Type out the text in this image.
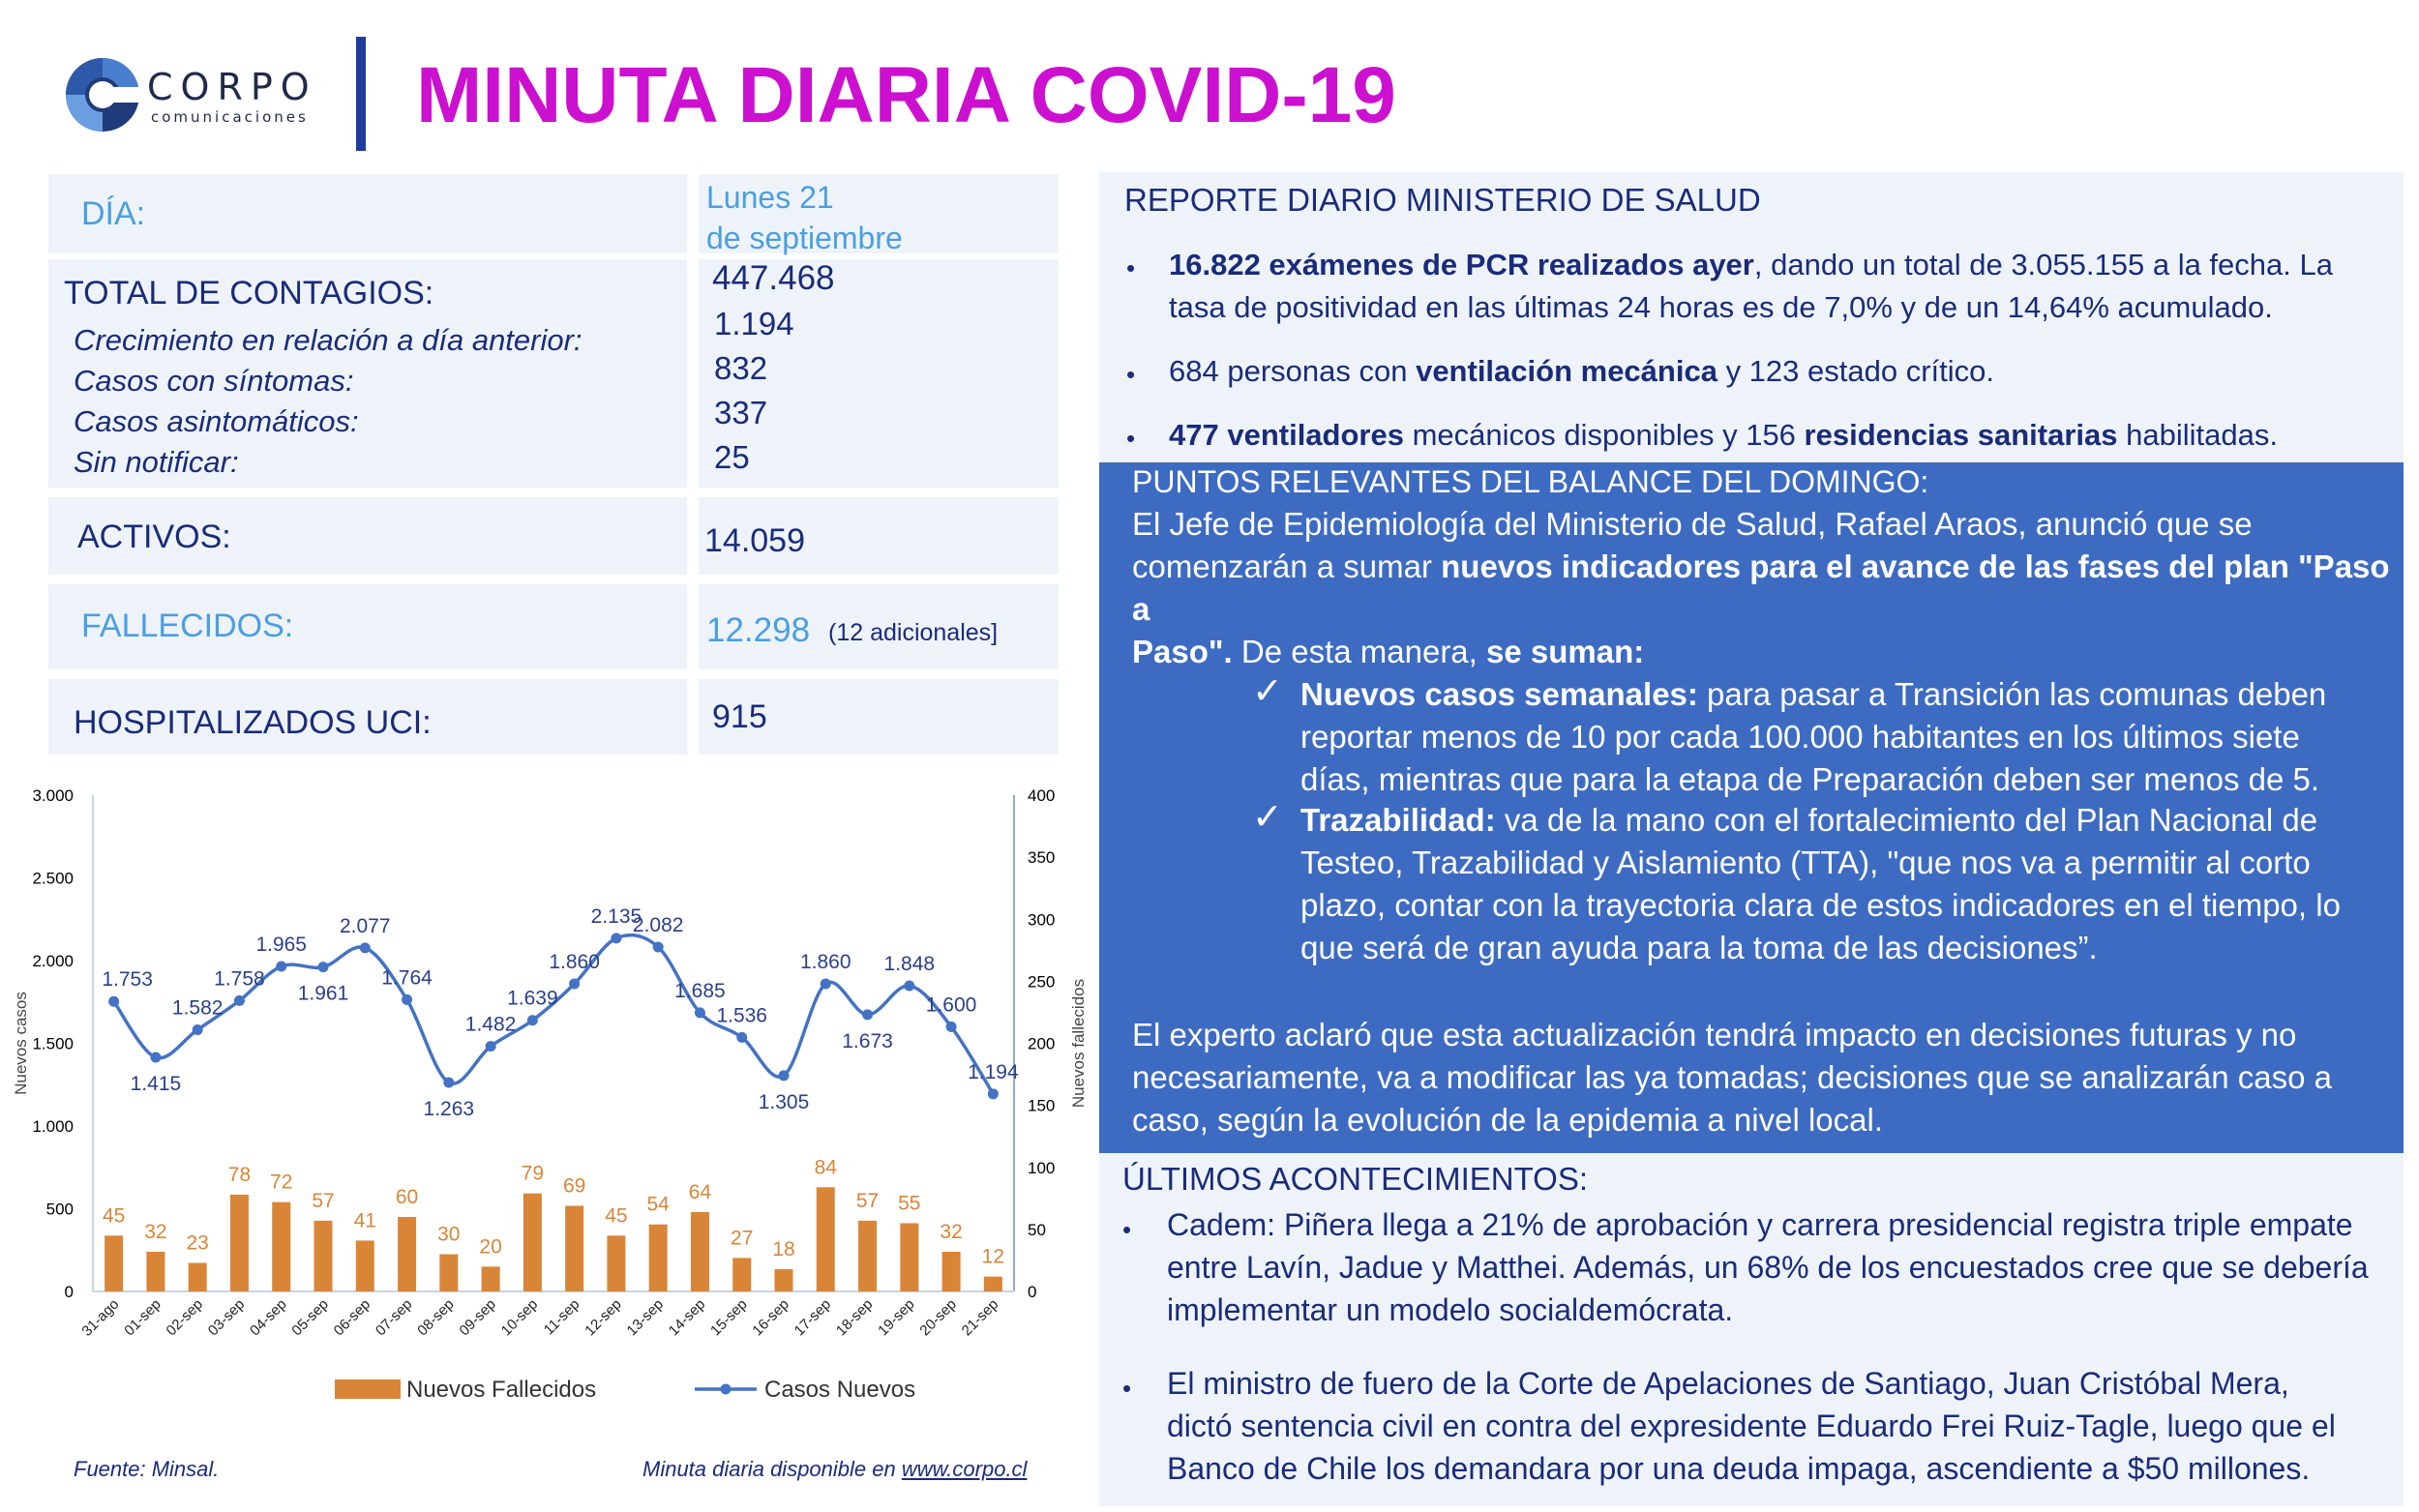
CORPO
comunicaciones MINUTA DIARIA COVID-19
DÍA:	Lunes 21
de septiembre
TOTAL DE CONTAGIOS:	447.468
Crecimiento en relación a día anterior:	1.194
Casos con síntomas:	832
Casos asintomáticos:	337
Sin notificar:	25
ACTIVOS:	14.059
FALLECIDOS:	12.298 (12 adicionales]
HOSPITALIZADOS UCI:	915
0
500
1.000
1.500
2.000
2.500
3.000
0
50
100
150
200
250
300
350
400
Nuevos casos	Nuevos fallecidos
45
32
23
78 72
57
41
60
30
20
79
69
45
54
64
27
18
84
57 55
32
12
31-ago
01-sep
02-sep
03-sep
04-sep
05-sep
06-sep
07-sep
08-sep
09-sep
10-sep 11-sep
12-sep
13-sep
14-sep
15-sep
16-sep
17-sep
18-sep
19-sep
20-sep
21-sep
1.753
1.415
1.582
1.758
1.965
1.961
2.077
1.764
1.263
1.482
1.639
1.860
2.135
2.082
1.685
1.536
1.305
1.860
1.673
1.848
1.600
1.194
Nuevos Fallecidos	Casos Nuevos
Fuente: Minsal.	Minuta diaria disponible en www.corpo.cl
REPORTE DIARIO MINISTERIO DE SALUD
• 16.822 exámenes de PCR realizados ayer, dando un total de 3.055.155 a la fecha. La
tasa de positividad en las últimas 24 horas es de 7,0% y de un 14,64% acumulado.
• 684 personas con ventilación mecánica y 123 estado crítico.
• 477 ventiladores mecánicos disponibles y 156 residencias sanitarias habilitadas.
PUNTOS RELEVANTES DEL BALANCE DEL DOMINGO:
El Jefe de Epidemiología del Ministerio de Salud, Rafael Araos, anunció que se
comenzarán a sumar nuevos indicadores para el avance de las fases del plan "Paso a
Paso". De esta manera, se suman:
✓ Nuevos casos semanales: para pasar a Transición las comunas deben
reportar menos de 10 por cada 100.000 habitantes en los últimos siete
días, mientras que para la etapa de Preparación deben ser menos de 5.
✓ Trazabilidad: va de la mano con el fortalecimiento del Plan Nacional de
Testeo, Trazabilidad y Aislamiento (TTA), "que nos va a permitir al corto
plazo, contar con la trayectoria clara de estos indicadores en el tiempo, lo
que será de gran ayuda para la toma de las decisiones”.
El experto aclaró que esta actualización tendrá impacto en decisiones futuras y no
necesariamente, va a modificar las ya tomadas; decisiones que se analizarán caso a
caso, según la evolución de la epidemia a nivel local.
ÚLTIMOS ACONTECIMIENTOS:
• Cadem: Piñera llega a 21% de aprobación y carrera presidencial registra triple empate
entre Lavín, Jadue y Matthei. Además, un 68% de los encuestados cree que se debería
implementar un modelo socialdemócrata.
• El ministro de fuero de la Corte de Apelaciones de Santiago, Juan Cristóbal Mera,
dictó sentencia civil en contra del expresidente Eduardo Frei Ruiz-Tagle, luego que el
Banco de Chile los demandara por una deuda impaga, ascendiente a $50 millones.
